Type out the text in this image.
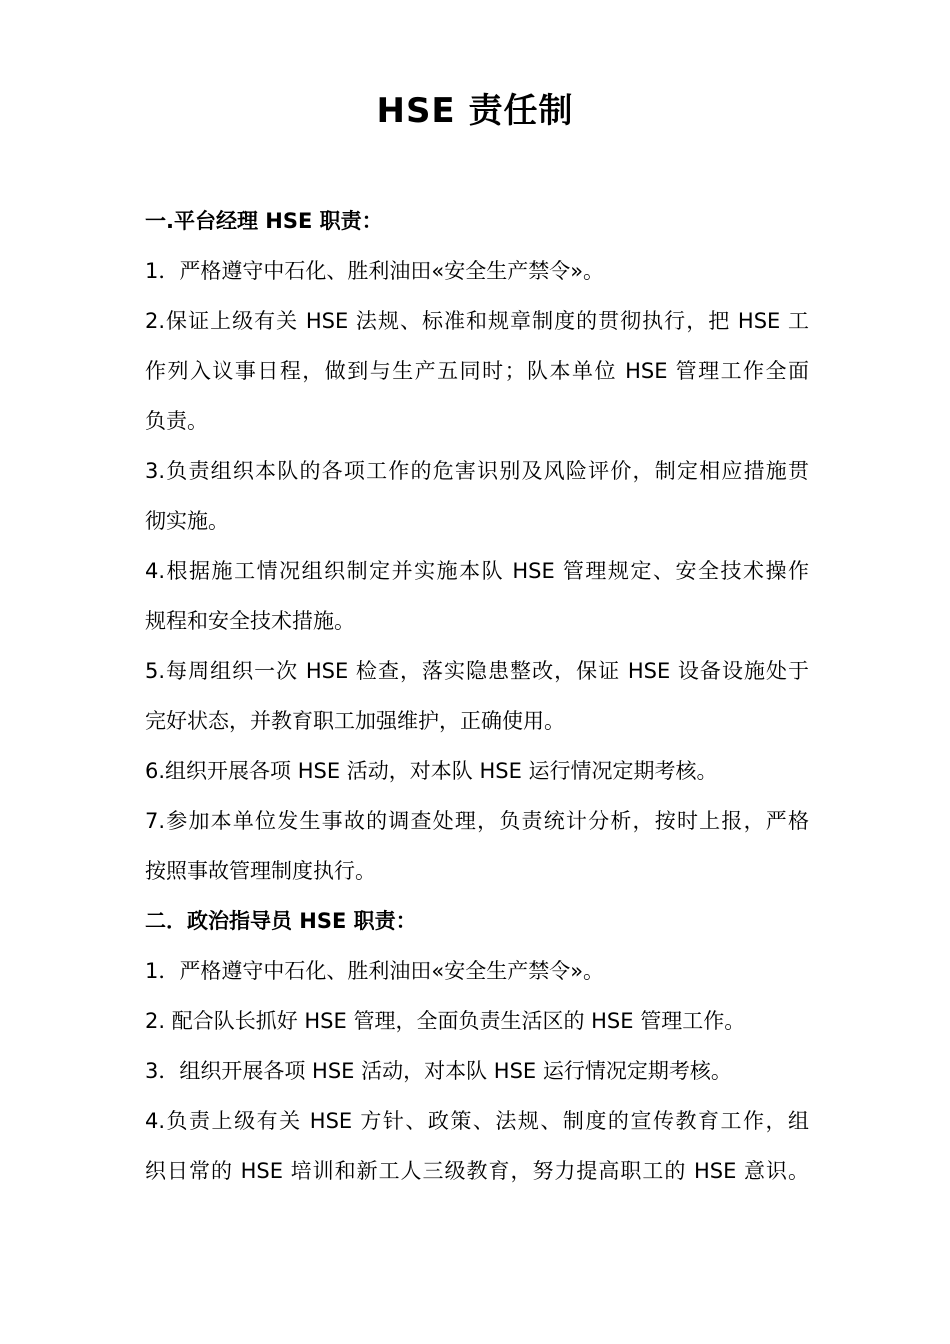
HSE 责任制

一.平台经理 HSE 职责：

1．严格遵守中石化、胜利油田«安全生产禁令»。

2.保证上级有关 HSE 法规、标准和规章制度的贯彻执行，把 HSE 工

作列入议事日程，做到与生产五同时；队本单位 HSE 管理工作全面

负责。

3.负责组织本队的各项工作的危害识别及风险评价，制定相应措施贯

彻实施。

4.根据施工情况组织制定并实施本队 HSE 管理规定、安全技术操作

规程和安全技术措施。

5.每周组织一次 HSE 检查，落实隐患整改，保证 HSE 设备设施处于

完好状态，并教育职工加强维护，正确使用。

6.组织开展各项 HSE 活动，对本队 HSE 运行情况定期考核。

7.参加本单位发生事故的调查处理，负责统计分析，按时上报，严格

按照事故管理制度执行。

二．政治指导员 HSE 职责：

1．严格遵守中石化、胜利油田«安全生产禁令»。

2. 配合队长抓好 HSE 管理，全面负责生活区的 HSE 管理工作。

3．组织开展各项 HSE 活动，对本队 HSE 运行情况定期考核。

4.负责上级有关 HSE 方针、政策、法规、制度的宣传教育工作，组

织日常的 HSE 培训和新工人三级教育，努力提高职工的 HSE 意识。
